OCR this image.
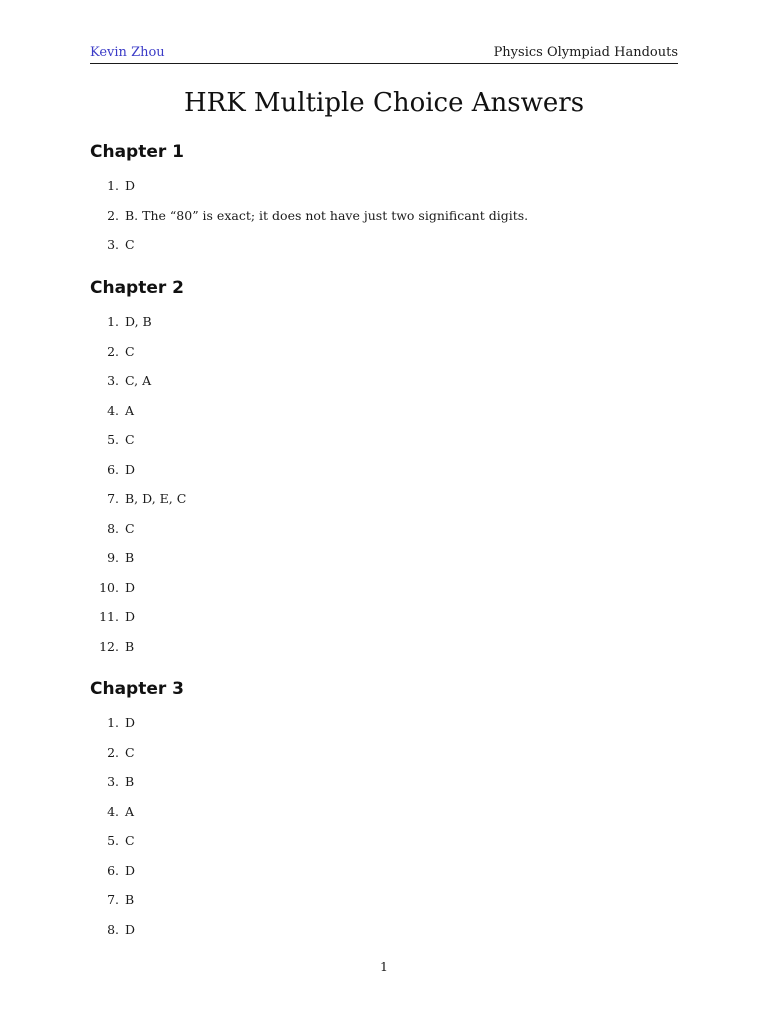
Kevin Zhou	Physics Olympiad Handouts
HRK Multiple Choice Answers
Chapter 1
1. D
2. B. The “80” is exact; it does not have just two significant digits.
3. C
Chapter 2
1. D, B
2. C
3. C, A
4. A
5. C
6. D
7. B, D, E, C
8. C
9. B
10. D
11. D
12. B
Chapter 3
1. D
2. C
3. B
4. A
5. C
6. D
7. B
8. D
1
